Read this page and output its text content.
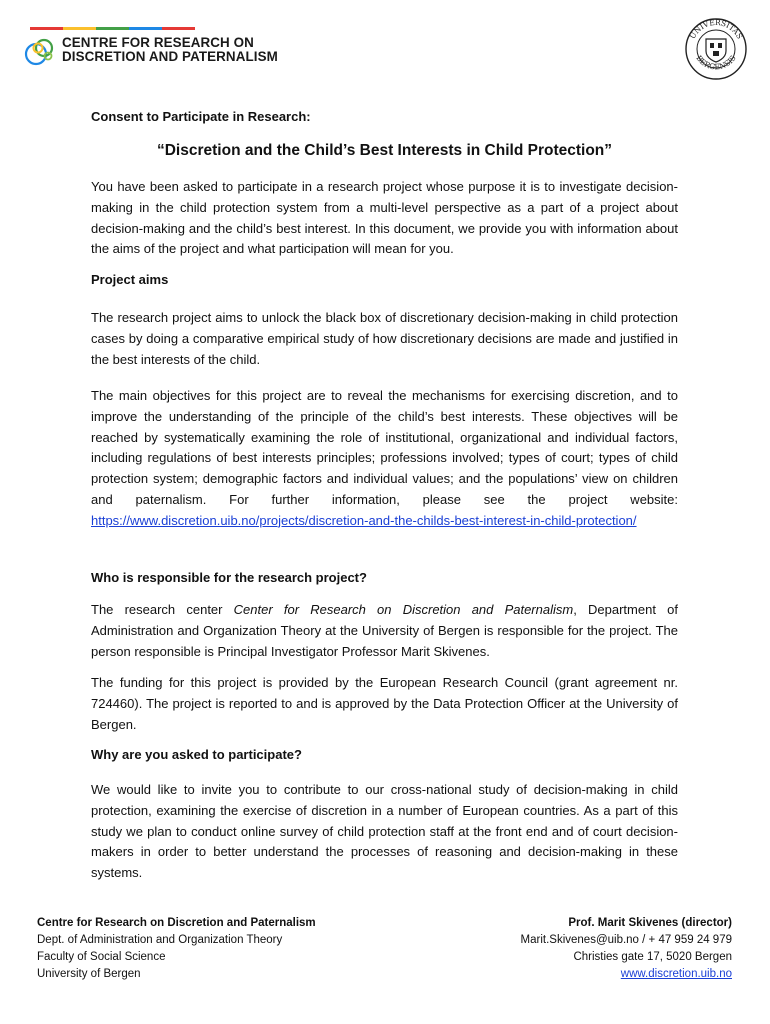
CENTRE FOR RESEARCH ON
DISCRETION AND PATERNALISM
UNIVERSITAS
BERGENSIS
Consent to Participate in Research:
“Discretion and the Child’s Best Interests in Child Protection”
You have been asked to participate in a research project whose purpose it is to investigate decision-making in the child protection system from a multi-level perspective as a part of a project about decision-making and the child’s best interest. In this document, we provide you with information about the aims of the project and what participation will mean for you.
Project aims
The research project aims to unlock the black box of discretionary decision-making in child protection cases by doing a comparative empirical study of how discretionary decisions are made and justified in the best interests of the child.
The main objectives for this project are to reveal the mechanisms for exercising discretion, and to improve the understanding of the principle of the child’s best interests. These objectives will be reached by systematically examining the role of institutional, organizational and individual factors, including regulations of best interests principles; professions involved; types of court; types of child protection system; demographic factors and individual values; and the populations’ view on children and paternalism. For further information, please see the project website: https://www.discretion.uib.no/projects/discretion-and-the-childs-best-interest-in-child-protection/
Who is responsible for the research project?
The research center Center for Research on Discretion and Paternalism, Department of Administration and Organization Theory at the University of Bergen is responsible for the project. The person responsible is Principal Investigator Professor Marit Skivenes.
The funding for this project is provided by the European Research Council (grant agreement nr. 724460). The project is reported to and is approved by the Data Protection Officer at the University of Bergen.
Why are you asked to participate?
We would like to invite you to contribute to our cross-national study of decision-making in child protection, examining the exercise of discretion in a number of European countries. As a part of this study we plan to conduct online survey of child protection staff at the front end and of court decision-makers in order to better understand the processes of reasoning and decision-making in these systems.
Centre for Research on Discretion and Paternalism
Dept. of Administration and Organization Theory
Faculty of Social Science
University of Bergen
Prof. Marit Skivenes (director)
Marit.Skivenes@uib.no / + 47 959 24 979
Christies gate 17, 5020 Bergen
www.discretion.uib.no
